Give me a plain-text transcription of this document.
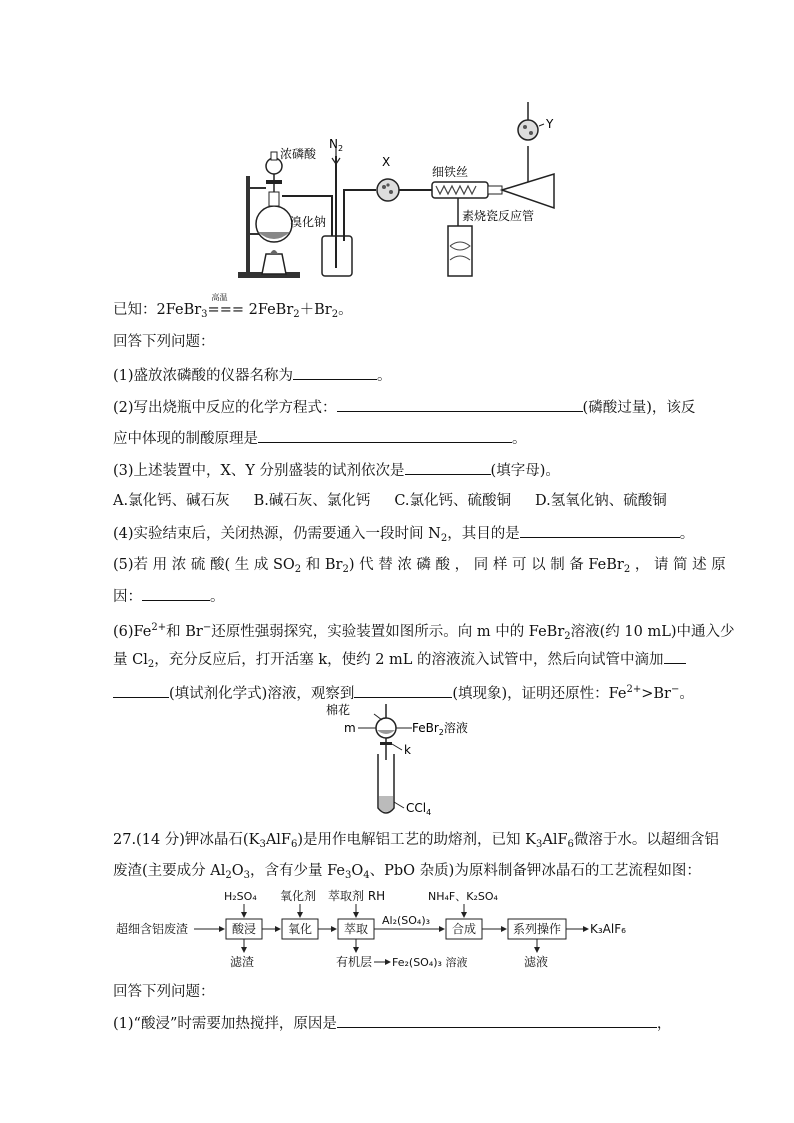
浓磷酸
$N_2$
X
溴化钠
细铁丝
素烧瓷反应管
Y
已知：2FeBr$_3$
高温
=== $2FeBr_2+Br_2$。
回答下列问题：
(1)盛放浓磷酸的仪器名称为	。
(2)写出烧瓶中反应的化学方程式：	(磷酸过量)，该反
应中体现的制酸原理是	。
(3)上述装置中，X、Y 分别盛装的试剂依次是	(填字母)。
A.氯化钙、碱石灰 B.碱石灰、氯化钙 C.氯化钙、硫酸铜 D.氢氧化钠、硫酸铜
(4)实验结束后，关闭热源，仍需要通入一段时间 $N_2$，其目的是	。
(5)若 用 浓 硫 酸( 生 成 $SO_2$ 和 $Br_2$) 代 替 浓 磷 酸 ， 同 样 可 以 制 备 FeBr$_2$ ， 请 简 述 原
因：	。
$(6)Fe^{2+}$和 Br−还原性强弱探究，实验装置如图所示。向 m 中的 FeBr$_2$溶液(约 10 mL)中通入少
量 $Cl_2$，充分反应后，打开活塞 k，使约 2 mL 的溶液流入试管中，然后向试管中滴加
(填试剂化学式)溶液，观察到	(填现象)，证明还原性：$Fe^{2+}>Br^-$。
棉花
m	FeBr$_2$溶液
k
CCl$_4$
27.(14 分)钾冰晶石$(K_3AlF_6)$是用作电解铝工艺的助熔剂，已知 $K_3AlF_6$微溶于水。以超细含铝
废渣(主要成分 $Al_2O_3$，含有少量 $Fe_3O_4$、PbO 杂质)为原料制备钾冰晶石的工艺流程如图：
超细含铝废渣	酸浸	氧化	萃取
Al₂(SO₄)₃
合成	系列操作 K₃AlF₆
H₂SO₄ 氧化剂 萃取剂 RH	NH₄F、K₂SO₄
滤渣	有机层 Fe₂(SO₄)₃ 溶液	滤液
回答下列问题：
(1)“酸浸”时需要加热搅拌，原因是	，
